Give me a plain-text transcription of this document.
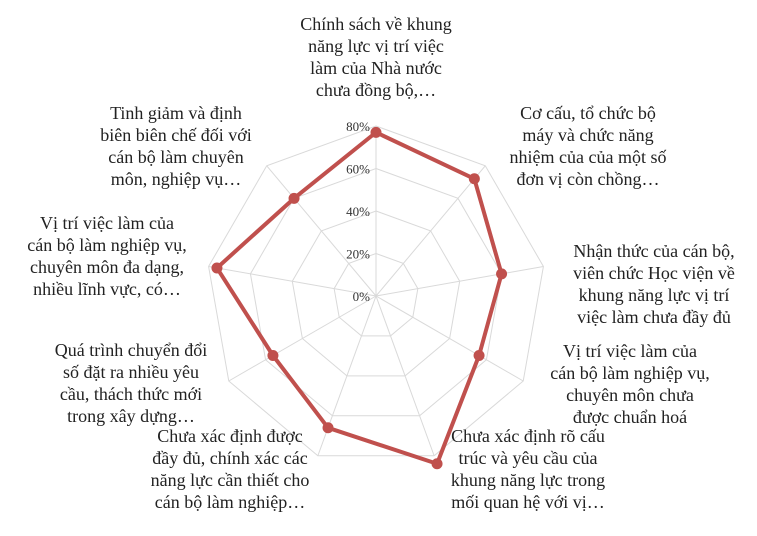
0%
20%
40%
60%
80%
Chính sách về khung năng lực vị trí việc làm của Nhà nước chưa đồng bộ,…
Cơ cấu, tổ chức bộ máy và chức năng nhiệm của của một số đơn vị còn chồng…
Nhận thức của cán bộ, viên chức Học viện về khung năng lực vị trí việc làm chưa đầy đủ
Vị trí việc làm của cán bộ làm nghiệp vụ, chuyên môn chưa được chuẩn hoá
Chưa xác định rõ cấu trúc và yêu cầu của khung năng lực trong mối quan hệ với vị…
Chưa xác định được đầy đủ, chính xác các năng lực cần thiết cho cán bộ làm nghiệp…
Quá trình chuyển đổi số đặt ra nhiều yêu cầu, thách thức mới trong xây dựng…
Vị trí việc làm của cán bộ làm nghiệp vụ, chuyên môn đa dạng, nhiều lĩnh vực, có…
Tinh giảm và định biên biên chế đối với cán bộ làm chuyên môn, nghiệp vụ…
